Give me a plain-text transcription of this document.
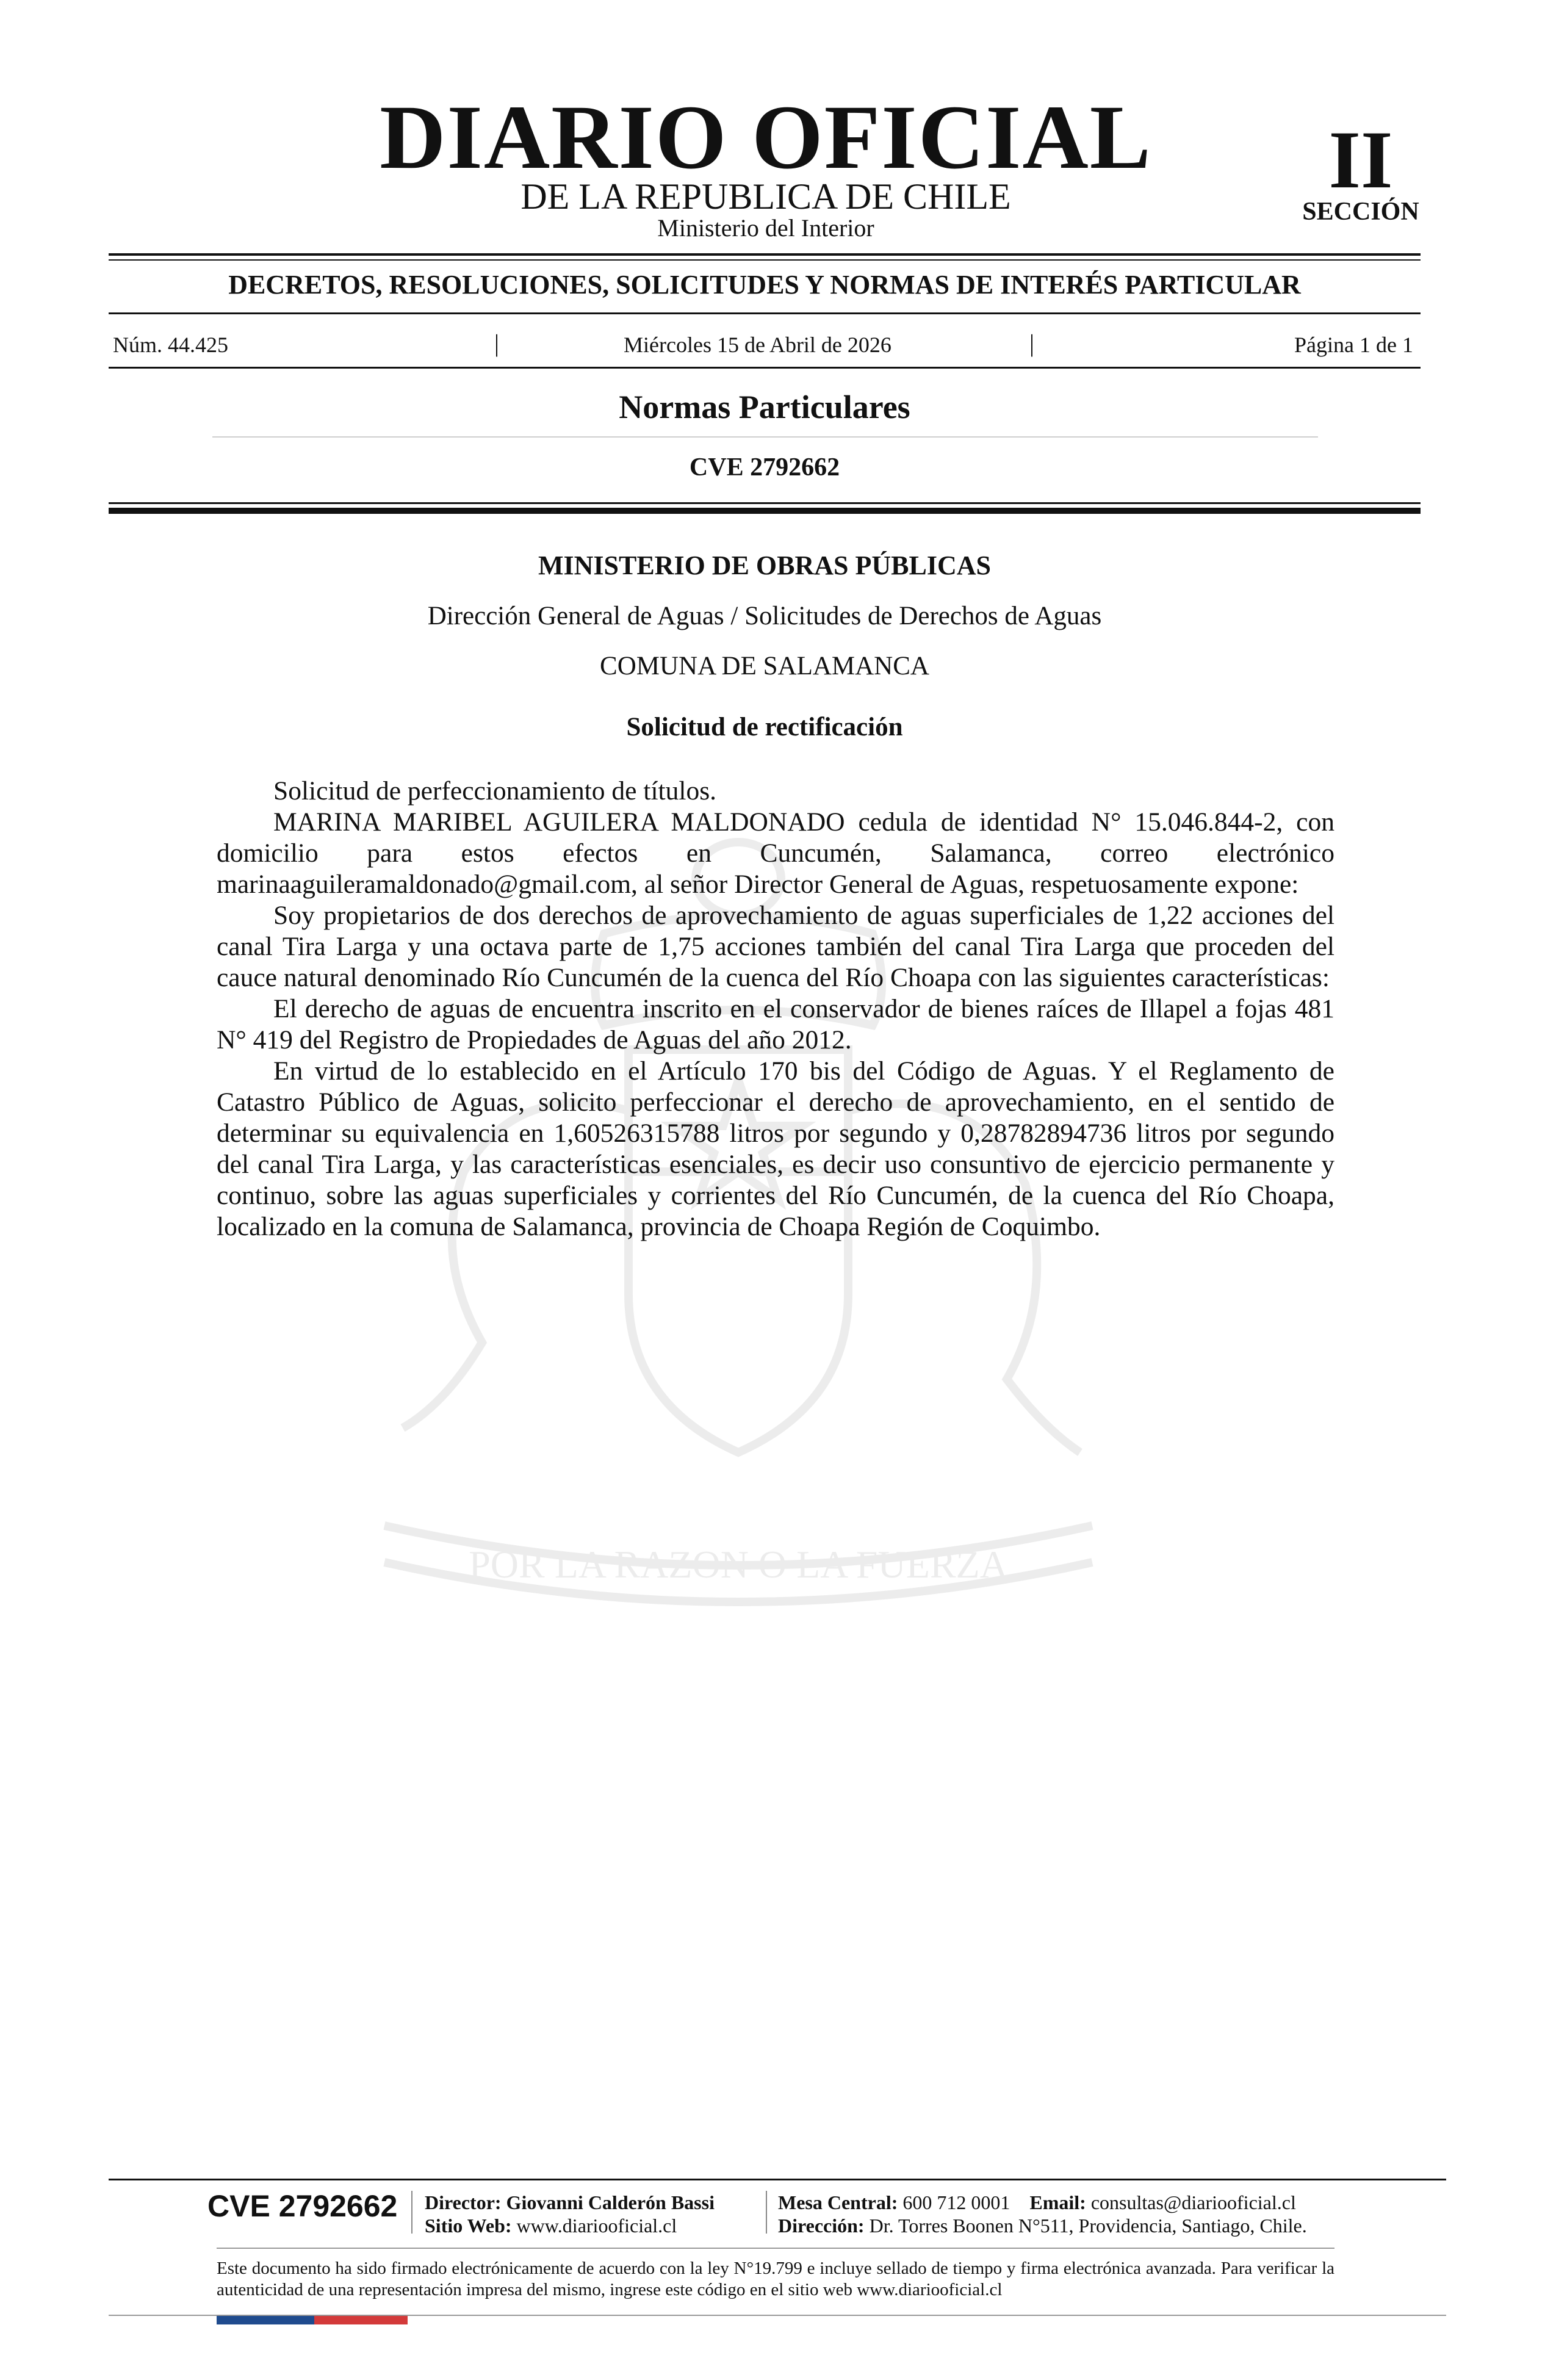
POR LA RAZON O LA FUERZA
DIARIO OFICIAL
DE LA REPUBLICA DE CHILE
Ministerio del Interior
II
SECCIÓN
DECRETOS, RESOLUCIONES, SOLICITUDES Y NORMAS DE INTERÉS PARTICULAR
Núm. 44.425	|	Miércoles 15 de Abril de 2026	|	Página 1 de 1
Normas Particulares
CVE 2792662
MINISTERIO DE OBRAS PÚBLICAS
Dirección General de Aguas / Solicitudes de Derechos de Aguas
COMUNA DE SALAMANCA
Solicitud de rectificación

Solicitud de perfeccionamiento de títulos.

MARINA MARIBEL AGUILERA MALDONADO cedula de identidad N° 15.046.844-2, con domicilio para estos efectos en Cuncumén, Salamanca, correo electrónico marinaaguileramaldonado@gmail.com, al señor Director General de Aguas, respetuosamente expone:

Soy propietarios de dos derechos de aprovechamiento de aguas superficiales de 1,22 acciones del canal Tira Larga y una octava parte de 1,75 acciones también del canal Tira Larga que proceden del cauce natural denominado Río Cuncumén de la cuenca del Río Choapa con las siguientes características:

El derecho de aguas de encuentra inscrito en el conservador de bienes raíces de Illapel a fojas 481 N° 419 del Registro de Propiedades de Aguas del año 2012.

En virtud de lo establecido en el Artículo 170 bis del Código de Aguas. Y el Reglamento de Catastro Público de Aguas, solicito perfeccionar el derecho de aprovechamiento, en el sentido de determinar su equivalencia en 1,60526315788 litros por segundo y 0,28782894736 litros por segundo del canal Tira Larga, y las características esenciales, es decir uso consuntivo de ejercicio permanente y continuo, sobre las aguas superficiales y corrientes del Río Cuncumén, de la cuenca del Río Choapa, localizado en la comuna de Salamanca, provincia de Choapa Región de Coquimbo.

CVE 2792662 Director: Giovanni Calderón Bassi
Sitio Web: www.diariooficial.cl
Mesa Central: 600 712 0001 Email: consultas@diariooficial.cl
Dirección: Dr. Torres Boonen N°511, Providencia, Santiago, Chile.
Este documento ha sido firmado electrónicamente de acuerdo con la ley N°19.799 e incluye sellado de tiempo y firma electrónica avanzada. Para verificar la autenticidad de una representación impresa del mismo, ingrese este código en el sitio web www.diariooficial.cl
